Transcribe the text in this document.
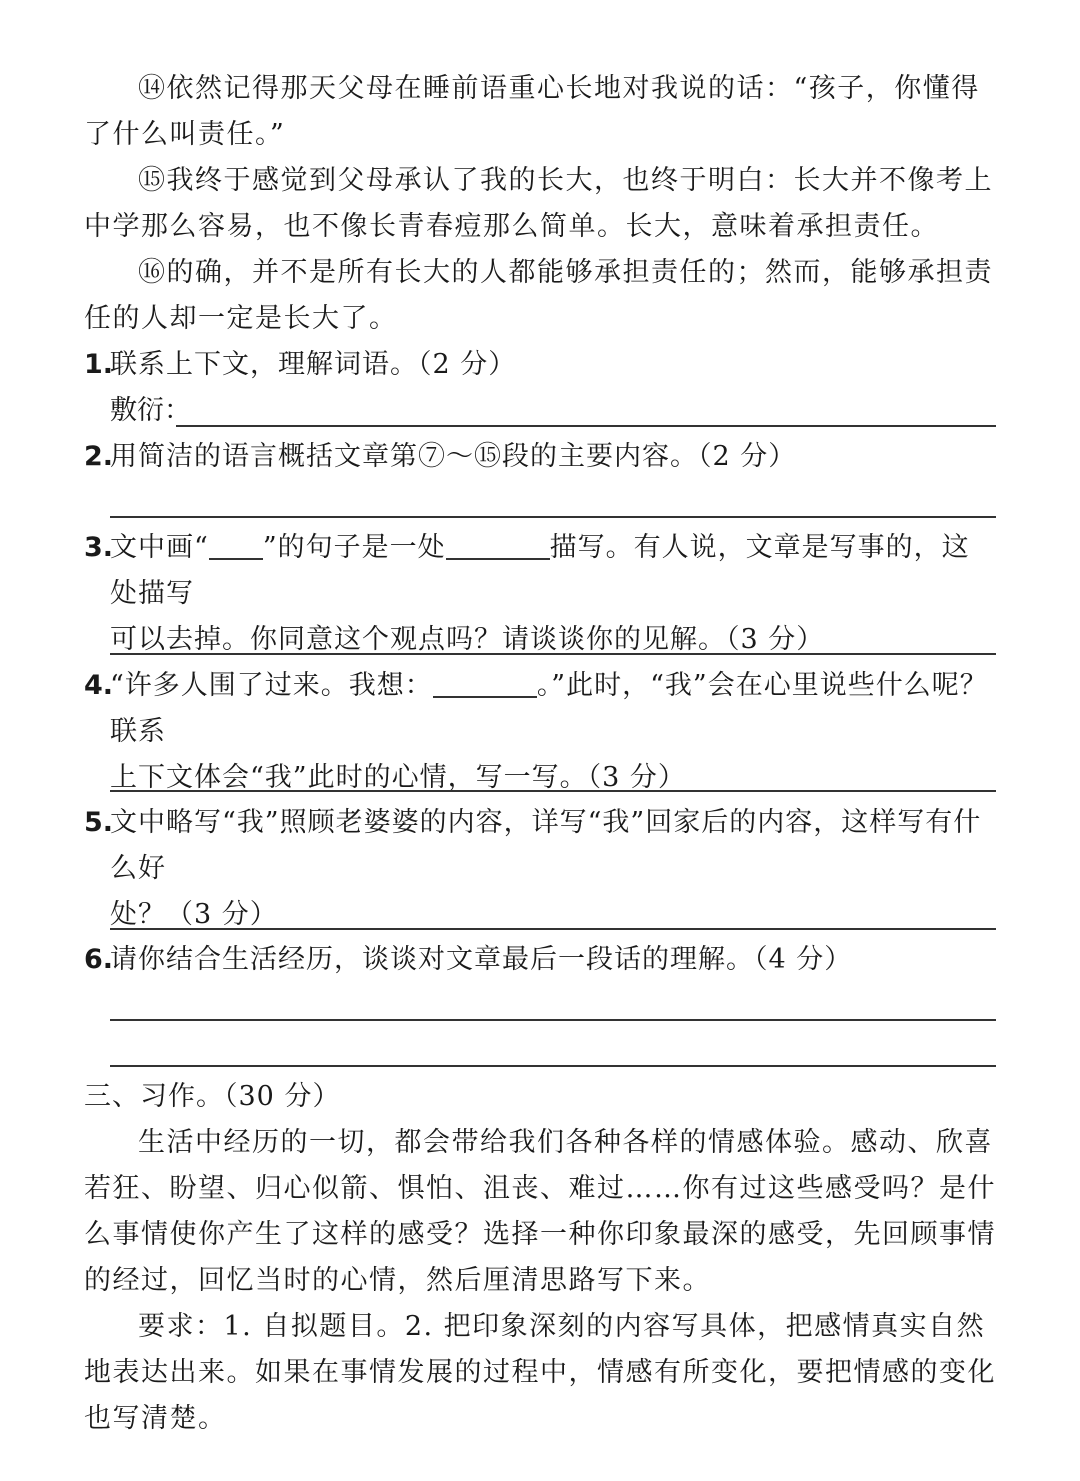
⑭依然记得那天父母在睡前语重心长地对我说的话：“孩子，你懂得了什么叫责任。”
⑮我终于感觉到父母承认了我的长大，也终于明白：长大并不像考上中学那么容易，也不像长青春痘那么简单。长大，意味着承担责任。
⑯的确，并不是所有长大的人都能够承担责任的；然而，能够承担责任的人却一定是长大了。
1.
联系上下文，理解词语。（2 分）
敷衍：
2.
用简洁的语言概括文章第⑦～⑮段的主要内容。（2 分）
3.
文中画“ ”的句子是一处	描写。有人说，文章是写事的，这处描写
可以去掉。你同意这个观点吗？请谈谈你的见解。（3 分）
4.
“许多人围了过来。我想：	。”此时，“我”会在心里说些什么呢？联系
上下文体会“我”此时的心情，写一写。（3 分）
5.
文中略写“我”照顾老婆婆的内容，详写“我”回家后的内容，这样写有什么好
处？（3 分）
6.
请你结合生活经历，谈谈对文章最后一段话的理解。（4 分）
三、习作。（30 分）
生活中经历的一切，都会带给我们各种各样的情感体验。感动、欣喜若狂、盼望、归心似箭、惧怕、沮丧、难过……你有过这些感受吗？是什么事情使你产生了这样的感受？选择一种你印象最深的感受，先回顾事情的经过，回忆当时的心情，然后厘清思路写下来。
要求：1. 自拟题目。2. 把印象深刻的内容写具体，把感情真实自然地表达出来。如果在事情发展的过程中，情感有所变化，要把情感的变化也写清楚。
